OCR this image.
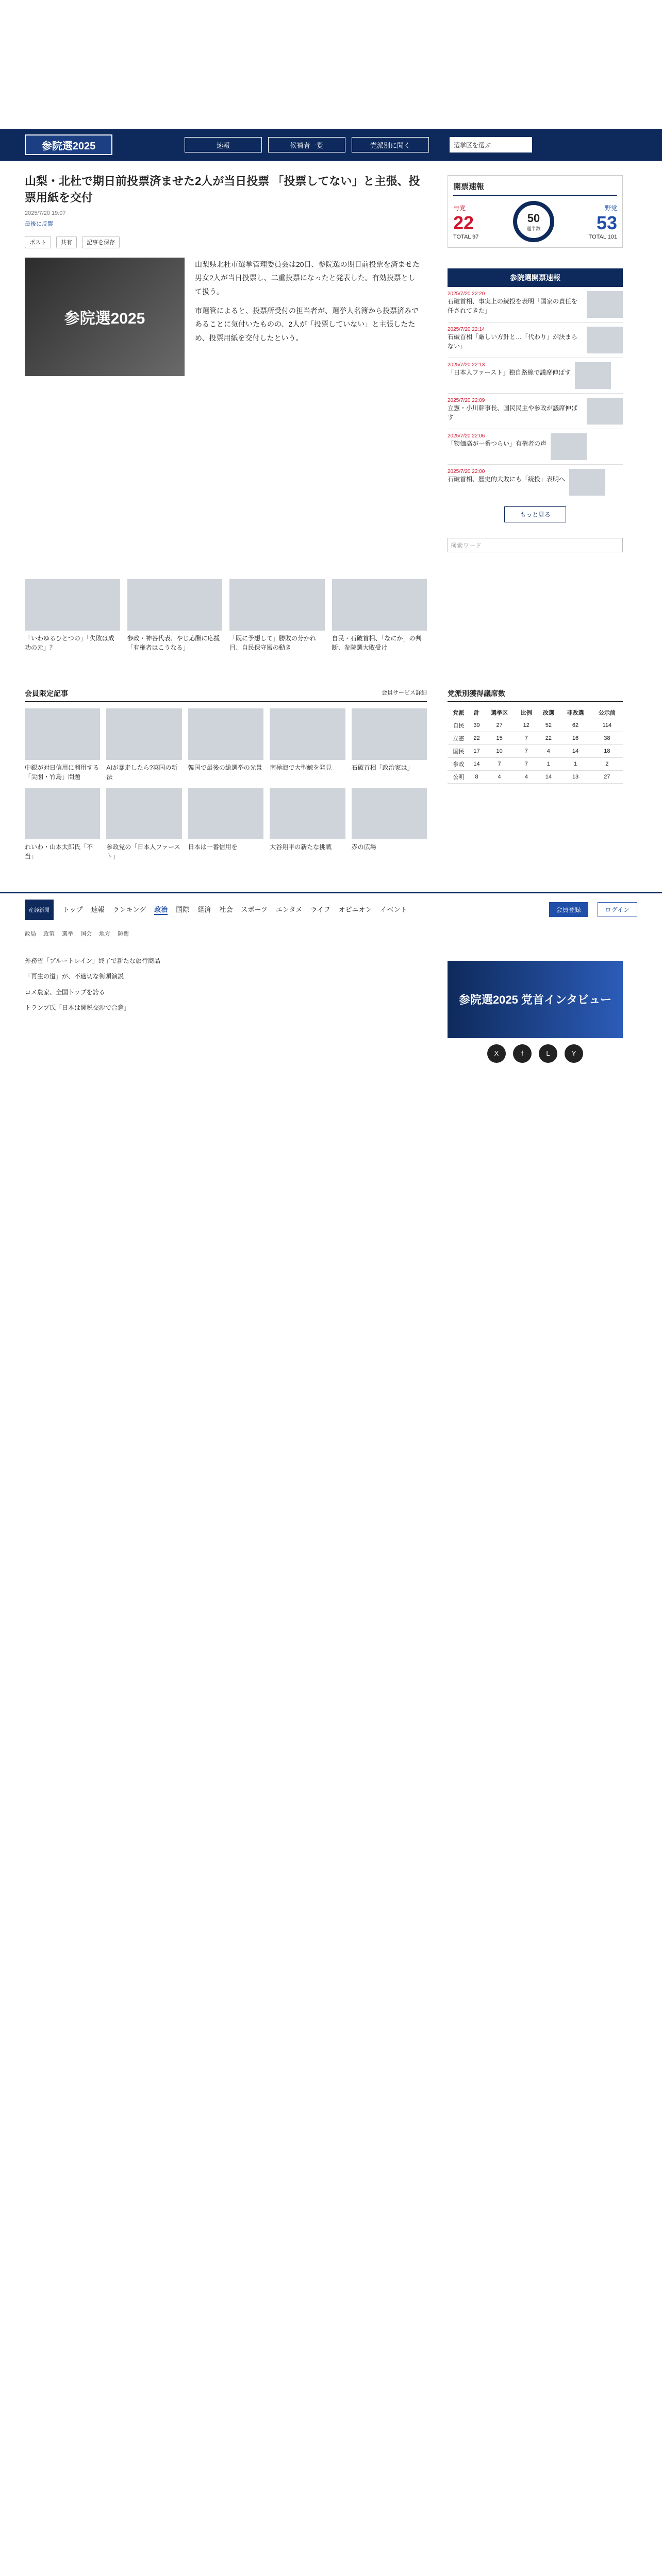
参院選2025	速報	候補者一覧	党派別に聞く	選挙区を選ぶ
山梨・北杜で期日前投票済ませた2人が当日投票 「投票してない」と主張、投票用紙を交付
2025/7/20 19:07
最後に反響
ポスト	共有	記事を保存
参院選2025

山梨県北杜市選挙管理委員会は20日、参院選の期日前投票を済ませた男女2人が当日投票し、二重投票になったと発表した。有効投票として扱う。

市選管によると、投票所受付の担当者が、選挙人名簿から投票済みであることに気付いたものの、2人が「投票していない」と主張したため、投票用紙を交付したという。

「いわゆるひとつの」「失敗は成功の元」？
参政・神谷代表、やじ応酬に応援「有権者はこうなる」
「既に予想して」勝敗の分かれ目、自民保守層の動き
自民・石破首相、「なにか」の判断、参院選大敗受け
開票速報
与党
22
TOTAL 97
50
過半数
野党
53
TOTAL 101
参院選開票速報
2025/7/20 22:20
石破首相、事実上の続投を表明「国家の責任を任されてきた」
2025/7/20 22:14
石破首相「厳しい方針と…「代わり」が決まらない」
2025/7/20 22:13
「日本人ファースト」独自路線で議席伸ばす
2025/7/20 22:09
立憲・小川幹事長、国民民主や参政が議席伸ばす
2025/7/20 22:06
「物価高が一番つらい」有権者の声
2025/7/20 22:00
石破首相、歴史的大敗にも「続投」表明へ
もっと見る
検索ワード
会員限定記事	会員サービス詳細
中銀が対日信用に利用する「尖閣・竹島」問題
AIが暴走したら?英国の新法
韓国で最後の総選挙の光景 南極海で大型鯨を発見	石破首相「政治家は」
れいわ・山本太郎氏「不当」
参政党の「日本人ファースト」
日本は一番信用を	大谷翔平の新たな挑戦	赤の広場
党派別獲得議席数
党派	計	選挙区	比例	改選	非改選	公示前
自民	39	27	12	52	62	114
立憲	22	15	7	22	16	38
国民	17	10	7	4	14	18
参政	14	7	7	1	1	2
公明	8	4	4	14	13	27
産経新聞	トップ 速報 ランキング 政治 国際 経済 社会 スポーツ エンタメ ライフ オピニオン イベント	会員登録	ログイン
政局 政策 選挙 国会 地方 防衛
外務省「ブルートレイン」終了で新たな旅行商品
「再生の道」が、不適切な街頭演説
コメ農家、全国トップを誇る
トランプ氏「日本は関税交渉で合意」
参院選2025 党首インタビュー
X	f	L	Y
